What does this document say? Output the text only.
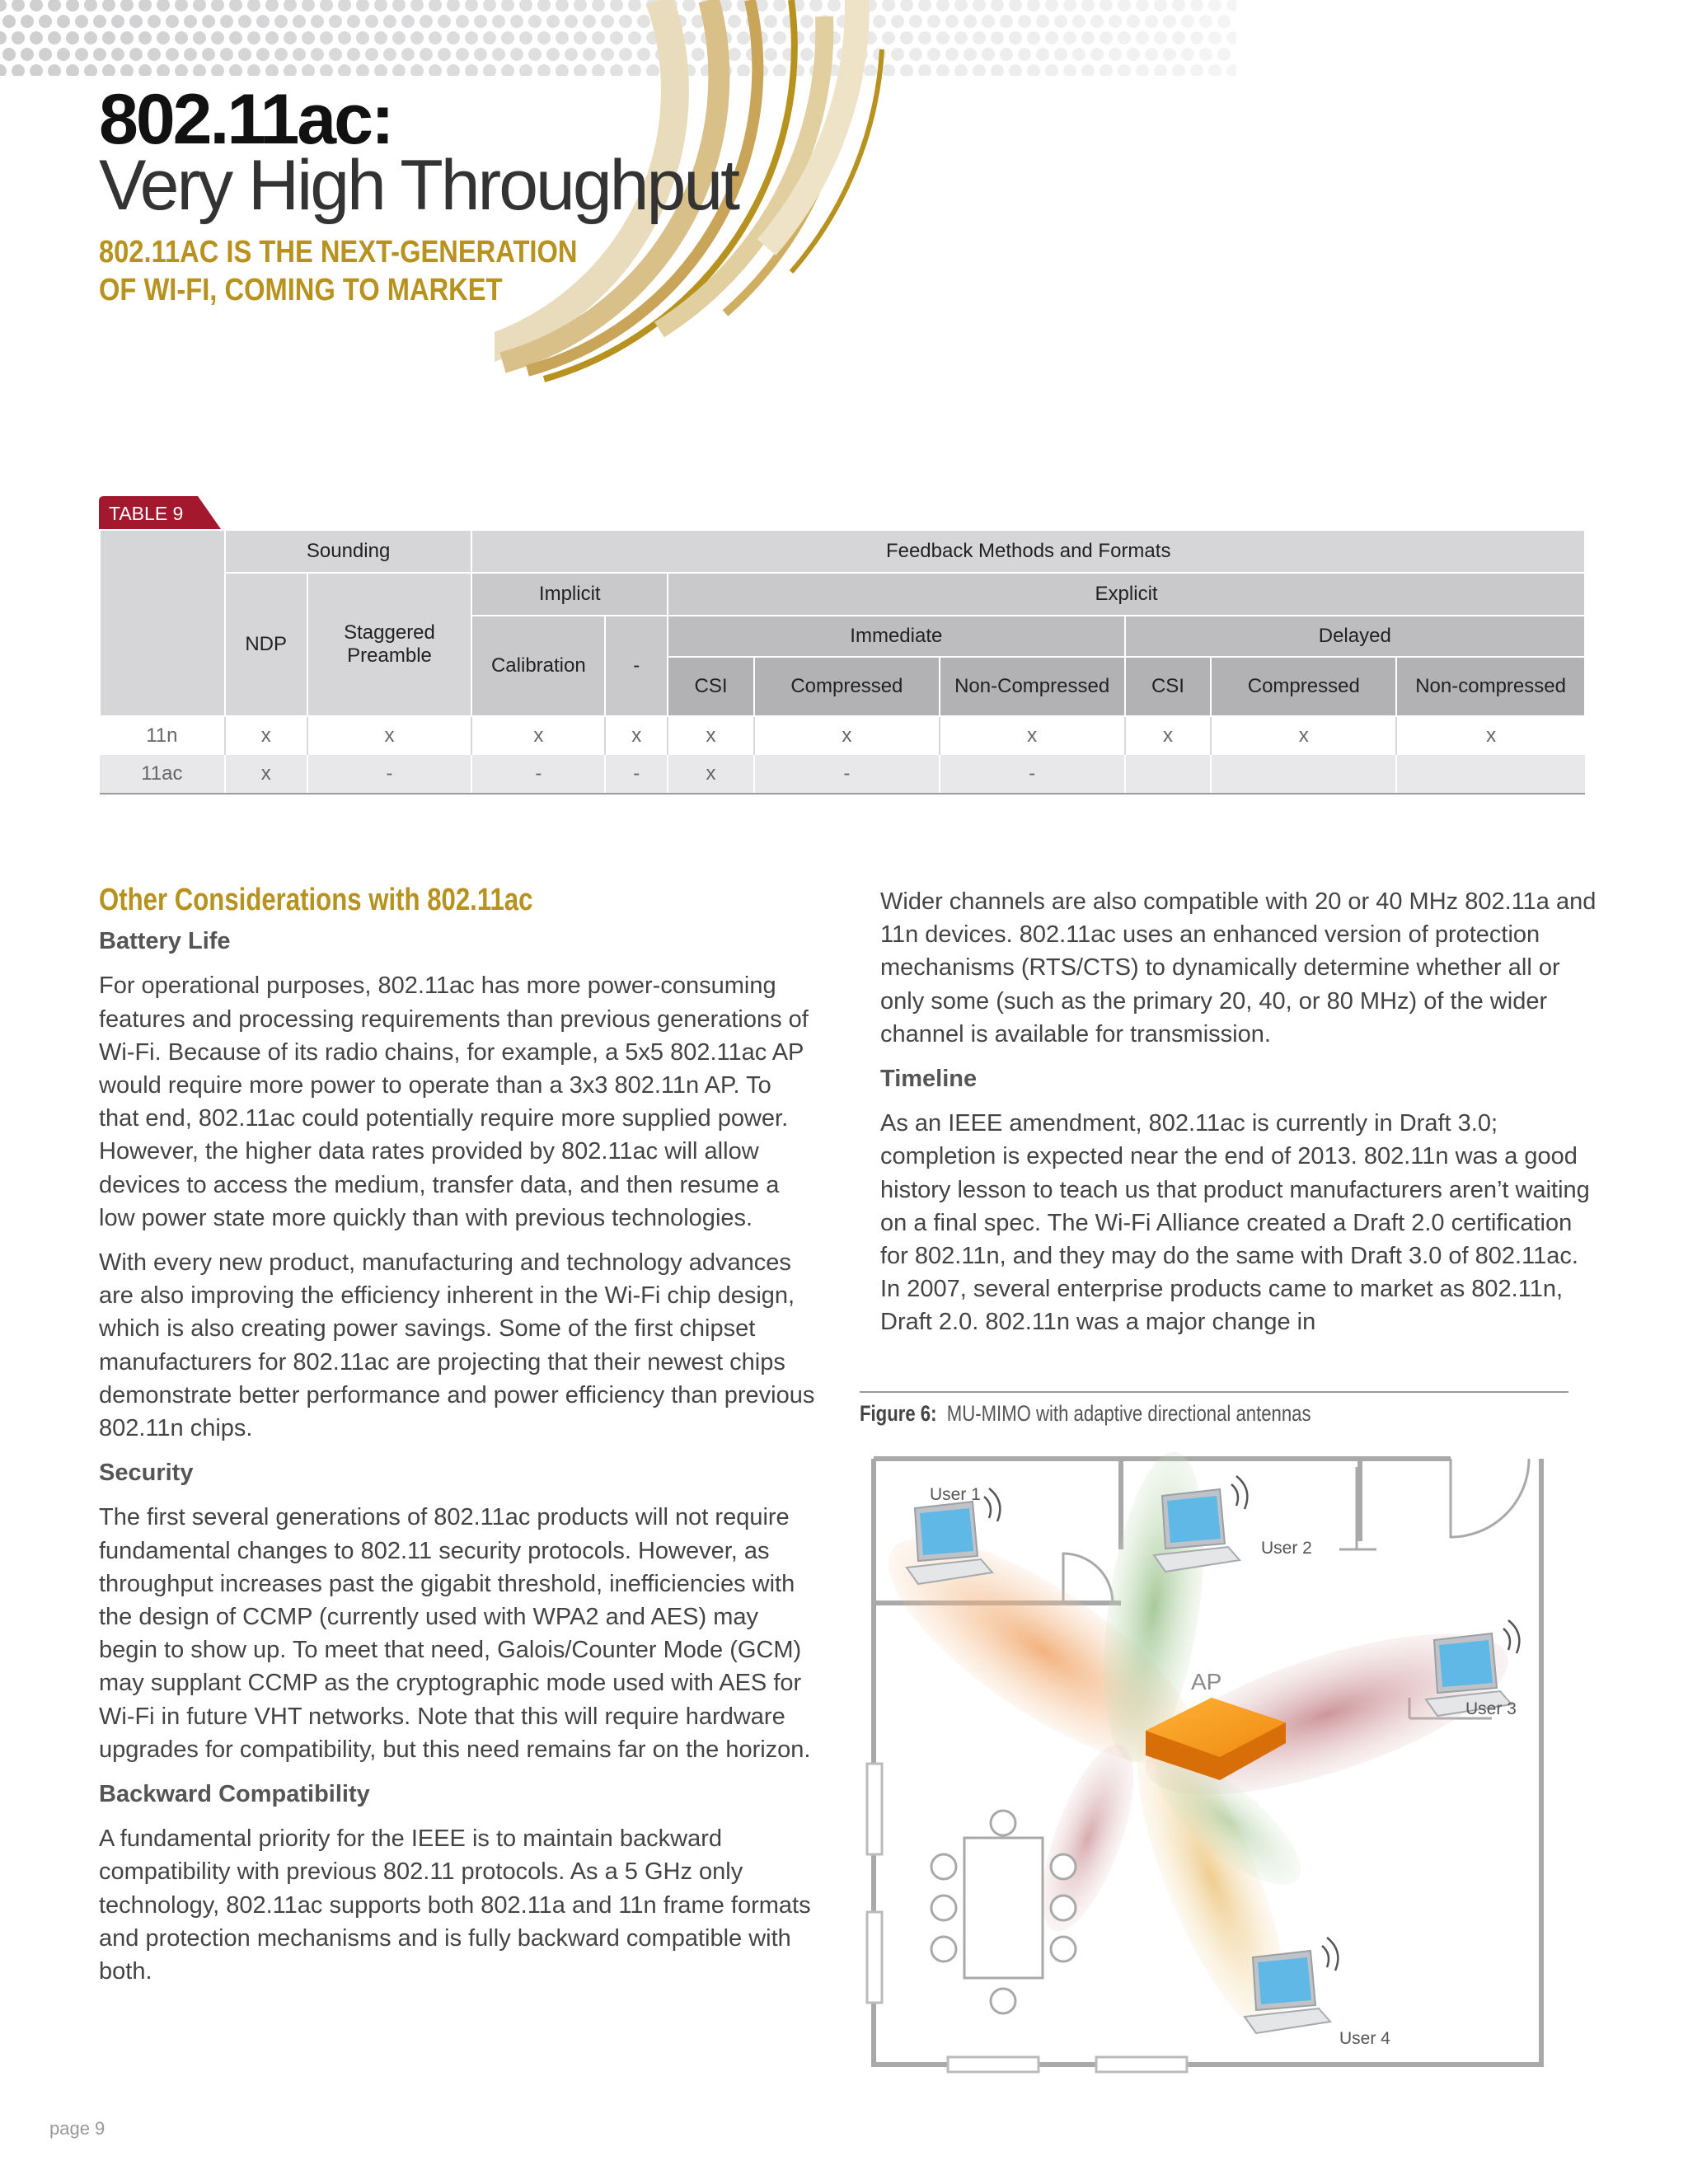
802.11ac:
Very High Throughput
802.11AC IS THE NEXT-GENERATION
OF WI-FI, COMING TO MARKET
TABLE 9
	Sounding		Feedback Methods and Formats							
	NDP	Staggered Preamble	Implicit		Explicit					
			Calibration	-	Immediate			Delayed		
					CSI	Compressed	Non-Compressed	CSI	Compressed	Non-compressed
11n	x	x	x	x	x	x	x	x	x	x
11ac	x	-	-	-	x	-	-			
Other Considerations with 802.11ac
Battery Life

For operational purposes, 802.11ac has more power-consuming features and processing requirements than previous generations of Wi-Fi. Because of its radio chains, for example, a 5x5 802.11ac AP would require more power to operate than a 3x3 802.11n AP. To that end, 802.11ac could potentially require more supplied power. However, the higher data rates provided by 802.11ac will allow devices to access the medium, transfer data, and then resume a low power state more quickly than with previous technologies.

With every new product, manufacturing and technology advances are also improving the efficiency inherent in the Wi-Fi chip design, which is also creating power savings. Some of the first chipset manufacturers for 802.11ac are projecting that their newest chips demonstrate better performance and power efficiency than previous 802.11n chips.

Security

The first several generations of 802.11ac products will not require fundamental changes to 802.11 security protocols. However, as throughput increases past the gigabit threshold, inefficiencies with the design of CCMP (currently used with WPA2 and AES) may begin to show up. To meet that need, Galois/Counter Mode (GCM) may supplant CCMP as the cryptographic mode used with AES for Wi-Fi in future VHT networks. Note that this will require hardware upgrades for compatibility, but this need remains far on the horizon.

Backward Compatibility

A fundamental priority for the IEEE is to maintain backward compatibility with previous 802.11 protocols. As a 5 GHz only technology, 802.11ac supports both 802.11a and 11n frame formats and protection mechanisms and is fully backward compatible with both.

Wider channels are also compatible with 20 or 40 MHz 802.11a and 11n devices. 802.11ac uses an enhanced version of protection mechanisms (RTS/CTS) to dynamically determine whether all or only some (such as the primary 20, 40, or 80 MHz) of the wider channel is available for transmission.

Timeline

As an IEEE amendment, 802.11ac is currently in Draft 3.0; completion is expected near the end of 2013. 802.11n was a good history lesson to teach us that product manufacturers aren’t waiting on a final spec. The Wi-Fi Alliance created a Draft 2.0 certification for 802.11n, and they may do the same with Draft 3.0 of 802.11ac. In 2007, several enterprise products came to market as 802.11n, Draft 2.0. 802.11n was a major change in

Figure 6: MU-MIMO with adaptive directional antennas
AP
User 1
User 2
User 3
User 4
page 9
